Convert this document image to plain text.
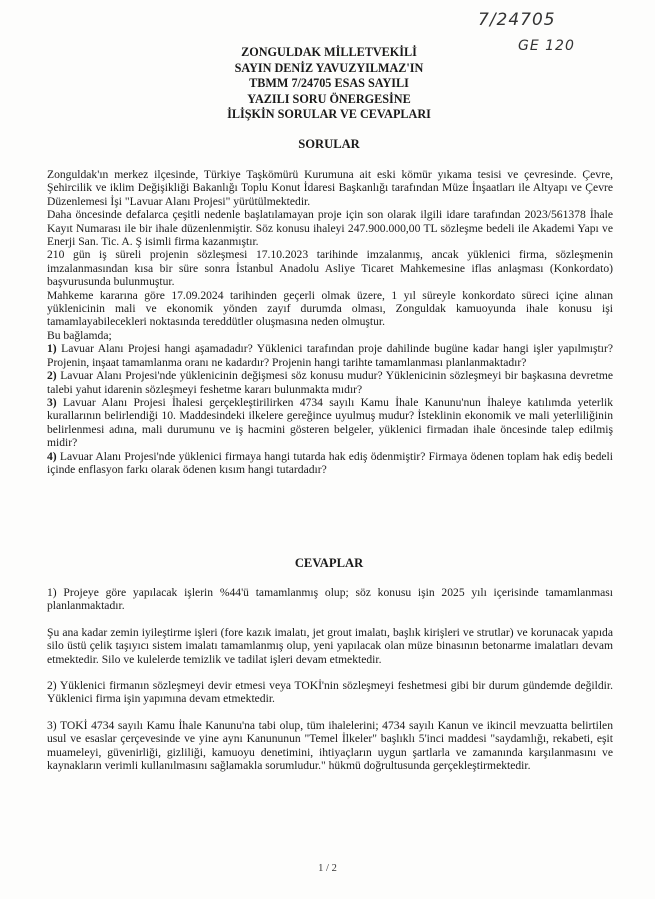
7/24705
GE 120
ZONGULDAK MİLLETVEKİLİ
SAYIN DENİZ YAVUZYILMAZ'IN
TBMM 7/24705 ESAS SAYILI
YAZILI SORU ÖNERGESİNE
İLİŞKİN SORULAR VE CEVAPLARI
SORULAR

Zonguldak'ın merkez ilçesinde, Türkiye Taşkömürü Kurumuna ait eski kömür yıkama tesisi ve çevresinde. Çevre, Şehircilik ve iklim Değişikliği Bakanlığı Toplu Konut İdaresi Başkanlığı tarafından Müze İnşaatları ile Altyapı ve Çevre Düzenlemesi İşi "Lavuar Alanı Projesi" yürütülmektedir.

Daha öncesinde defalarca çeşitli nedenle başlatılamayan proje için son olarak ilgili idare tarafından 2023/561378 İhale Kayıt Numarası ile bir ihale düzenlenmiştir. Söz konusu ihaleyi 247.900.000,00 TL sözleşme bedeli ile Akademi Yapı ve Enerji San. Tic. A. Ş isimli firma kazanmıştır.

210 gün iş süreli projenin sözleşmesi 17.10.2023 tarihinde imzalanmış, ancak yüklenici firma, sözleşmenin imzalanmasından kısa bir süre sonra İstanbul Anadolu Asliye Ticaret Mahkemesine iflas anlaşması (Konkordato) başvurusunda bulunmuştur.

Mahkeme kararına göre 17.09.2024 tarihinden geçerli olmak üzere, 1 yıl süreyle konkordato süreci içine alınan yüklenicinin mali ve ekonomik yönden zayıf durumda olması, Zonguldak kamuoyunda ihale konusu işi tamamlayabilecekleri noktasında tereddütler oluşmasına neden olmuştur.

Bu bağlamda;

1) Lavuar Alanı Projesi hangi aşamadadır? Yüklenici tarafından proje dahilinde bugüne kadar hangi işler yapılmıştır? Projenin, inşaat tamamlanma oranı ne kadardır? Projenin hangi tarihte tamamlanması planlanmaktadır?

2) Lavuar Alanı Projesi'nde yüklenicinin değişmesi söz konusu mudur? Yüklenicinin sözleşmeyi bir başkasına devretme talebi yahut idarenin sözleşmeyi feshetme kararı bulunmakta mıdır?

3) Lavuar Alanı Projesi İhalesi gerçekleştirilirken 4734 sayılı Kamu İhale Kanunu'nun İhaleye katılımda yeterlik kurallarının belirlendiği 10. Maddesindeki ilkelere gereğince uyulmuş mudur? İsteklinin ekonomik ve mali yeterliliğinin belirlenmesi adına, mali durumunu ve iş hacmini gösteren belgeler, yüklenici firmadan ihale öncesinde talep edilmiş midir?

4) Lavuar Alanı Projesi'nde yüklenici firmaya hangi tutarda hak ediş ödenmiştir? Firmaya ödenen toplam hak ediş bedeli içinde enflasyon farkı olarak ödenen kısım hangi tutardadır?

CEVAPLAR

1) Projeye göre yapılacak işlerin %44'ü tamamlanmış olup; söz konusu işin 2025 yılı içerisinde tamamlanması planlanmaktadır.

Şu ana kadar zemin iyileştirme işleri (fore kazık imalatı, jet grout imalatı, başlık kirişleri ve strutlar) ve korunacak yapıda silo üstü çelik taşıyıcı sistem imalatı tamamlanmış olup, yeni yapılacak olan müze binasının betonarme imalatları devam etmektedir. Silo ve kulelerde temizlik ve tadilat işleri devam etmektedir.

2) Yüklenici firmanın sözleşmeyi devir etmesi veya TOKİ'nin sözleşmeyi feshetmesi gibi bir durum gündemde değildir. Yüklenici firma işin yapımına devam etmektedir.

3) TOKİ 4734 sayılı Kamu İhale Kanunu'na tabi olup, tüm ihalelerini; 4734 sayılı Kanun ve ikincil mevzuatta belirtilen usul ve esaslar çerçevesinde ve yine aynı Kanununun "Temel İlkeler" başlıklı 5'inci maddesi "saydamlığı, rekabeti, eşit muameleyi, güvenirliği, gizliliği, kamuoyu denetimini, ihtiyaçların uygun şartlarla ve zamanında karşılanmasını ve kaynakların verimli kullanılmasını sağlamakla sorumludur." hükmü doğrultusunda gerçekleştirmektedir.

1 / 2
